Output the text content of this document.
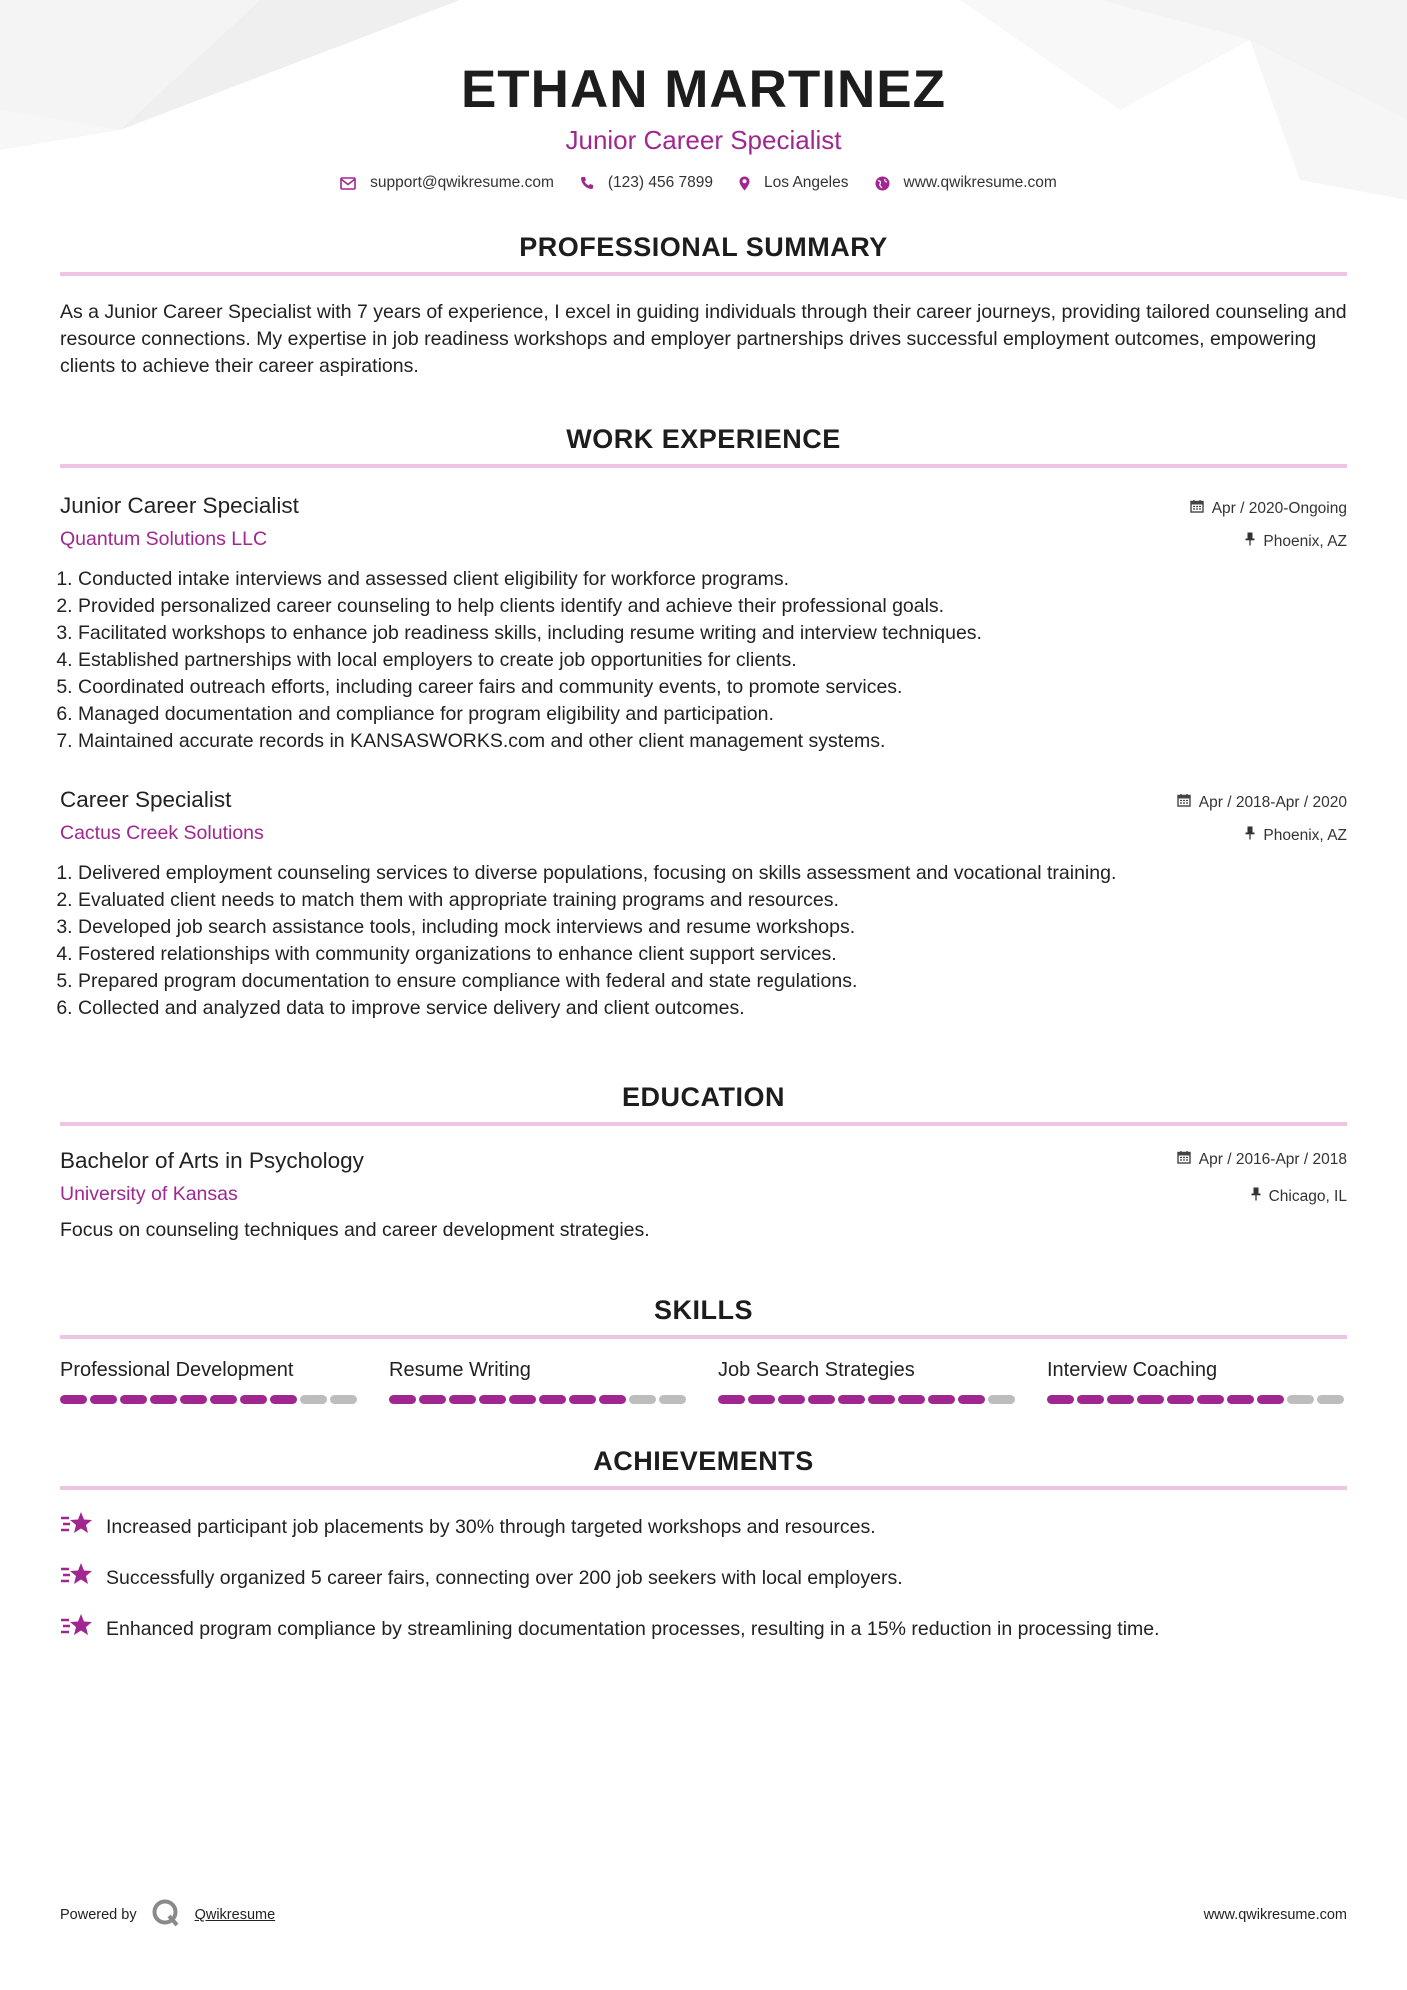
ETHAN MARTINEZ
Junior Career Specialist
support@qwikresume.com	(123) 456 7899	Los Angeles	www.qwikresume.com
PROFESSIONAL SUMMARY
As a Junior Career Specialist with 7 years of experience, I excel in guiding individuals through their career journeys, providing tailored counseling and resource connections. My expertise in job readiness workshops and employer partnerships drives successful employment outcomes, empowering clients to achieve their career aspirations.
WORK EXPERIENCE
Junior Career Specialist
Quantum Solutions LLC
Apr / 2020-Ongoing
Phoenix, AZ
1. Conducted intake interviews and assessed client eligibility for workforce programs.
2. Provided personalized career counseling to help clients identify and achieve their professional goals.
3. Facilitated workshops to enhance job readiness skills, including resume writing and interview techniques.
4. Established partnerships with local employers to create job opportunities for clients.
5. Coordinated outreach efforts, including career fairs and community events, to promote services.
6. Managed documentation and compliance for program eligibility and participation.
7. Maintained accurate records in KANSASWORKS.com and other client management systems.
Career Specialist
Cactus Creek Solutions
Apr / 2018-Apr / 2020
Phoenix, AZ
1. Delivered employment counseling services to diverse populations, focusing on skills assessment and vocational training.
2. Evaluated client needs to match them with appropriate training programs and resources.
3. Developed job search assistance tools, including mock interviews and resume workshops.
4. Fostered relationships with community organizations to enhance client support services.
5. Prepared program documentation to ensure compliance with federal and state regulations.
6. Collected and analyzed data to improve service delivery and client outcomes.
EDUCATION
Bachelor of Arts in Psychology
University of Kansas
Apr / 2016-Apr / 2018
Chicago, IL
Focus on counseling techniques and career development strategies.
SKILLS
Professional Development	Resume Writing	Job Search Strategies	Interview Coaching
ACHIEVEMENTS
Increased participant job placements by 30% through targeted workshops and resources.
Successfully organized 5 career fairs, connecting over 200 job seekers with local employers.
Enhanced program compliance by streamlining documentation processes, resulting in a 15% reduction in processing time.
Powered by	Qwikresume	www.qwikresume.com
